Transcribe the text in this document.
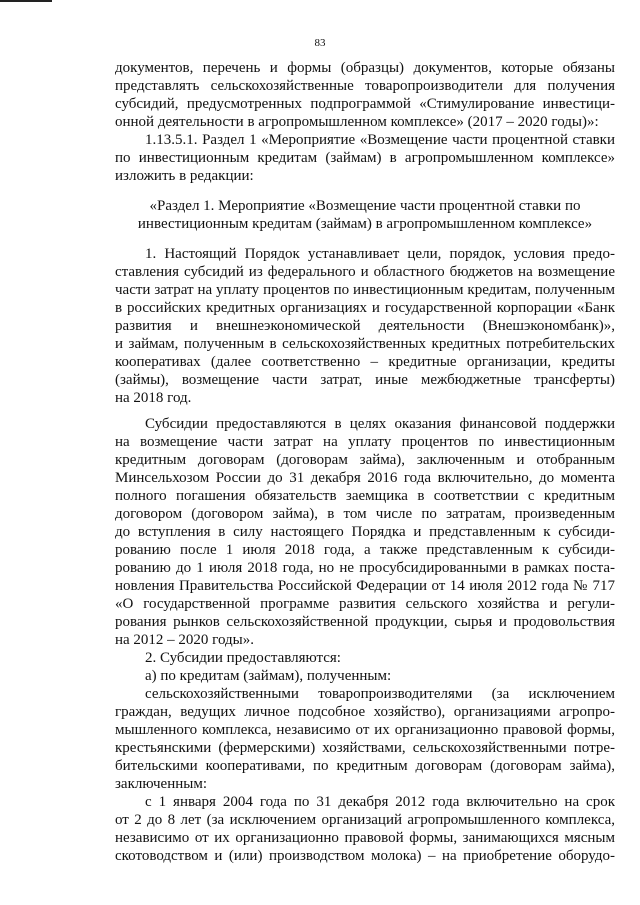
83
документов, перечень и формы (образцы) документов, которые обязаны
представлять сельскохозяйственные товаропроизводители для получения
субсидий, предусмотренных подпрограммой «Стимулирование инвестици-
онной деятельности в агропромышленном комплексе» (2017 – 2020 годы)»:
1.13.5.1. Раздел 1 «Мероприятие «Возмещение части процентной ставки
по инвестиционным кредитам (займам) в агропромышленном комплексе»
изложить в редакции:
«Раздел 1. Мероприятие «Возмещение части процентной ставки по
инвестиционным кредитам (займам) в агропромышленном комплексе»
1. Настоящий Порядок устанавливает цели, порядок, условия предо-
ставления субсидий из федерального и областного бюджетов на возмещение
части затрат на уплату процентов по инвестиционным кредитам, полученным
в российских кредитных организациях и государственной корпорации «Банк
развития и внешнеэкономической деятельности (Внешэкономбанк)»,
и займам, полученным в сельскохозяйственных кредитных потребительских
кооперативах (далее соответственно – кредитные организации, кредиты
(займы), возмещение части затрат, иные межбюджетные трансферты)
на 2018 год.
Субсидии предоставляются в целях оказания финансовой поддержки
на возмещение части затрат на уплату процентов по инвестиционным
кредитным договорам (договорам займа), заключенным и отобранным
Минсельхозом России до 31 декабря 2016 года включительно, до момента
полного погашения обязательств заемщика в соответствии с кредитным
договором (договором займа), в том числе по затратам, произведенным
до вступления в силу настоящего Порядка и представленным к субсиди-
рованию после 1 июля 2018 года, а также представленным к субсиди-
рованию до 1 июля 2018 года, но не просубсидированными в рамках поста-
новления Правительства Российской Федерации от 14 июля 2012 года № 717
«О государственной программе развития сельского хозяйства и регули-
рования рынков сельскохозяйственной продукции, сырья и продовольствия
на 2012 – 2020 годы».
2. Субсидии предоставляются:
а) по кредитам (займам), полученным:
сельскохозяйственными товаропроизводителями (за исключением
граждан, ведущих личное подсобное хозяйство), организациями агропро-
мышленного комплекса, независимо от их организационно правовой формы,
крестьянскими (фермерскими) хозяйствами, сельскохозяйственными потре-
бительскими кооперативами, по кредитным договорам (договорам займа),
заключенным:
с 1 января 2004 года по 31 декабря 2012 года включительно на срок
от 2 до 8 лет (за исключением организаций агропромышленного комплекса,
независимо от их организационно правовой формы, занимающихся мясным
скотоводством и (или) производством молока) – на приобретение оборудо-
